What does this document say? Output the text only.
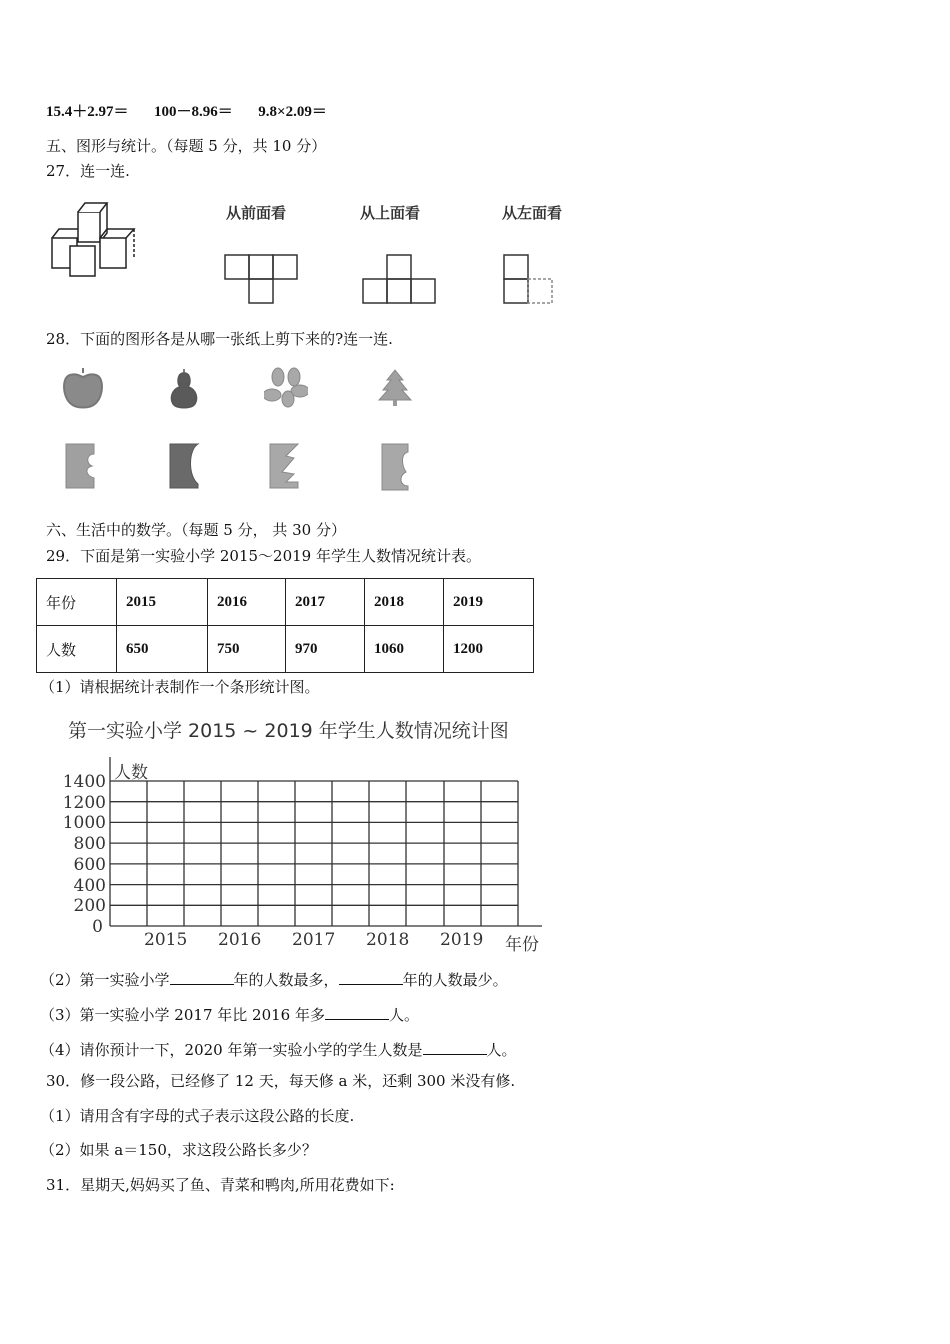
15.4＋2.97＝ 100－8.96＝ 9.8×2.09＝
五、图形与统计。（每题 5 分，共 10 分）
27．连一连.
从前面看	从上面看	从左面看
28．下面的图形各是从哪一张纸上剪下来的?连一连.
六、生活中的数学。（每题 5 分， 共 30 分）
29．下面是第一实验小学 2015～2019 年学生人数情况统计表。
年份	2015	2016	2017	2018	2019
人数	650	750	970	1060	1200
（1）请根据统计表制作一个条形统计图。
第一实验小学 2015 ~ 2019 年学生人数情况统计图
人数
1400
1200
1000
800
600
400
200
0
2015 2016 2017 2018 2019 年份
（2）第一实验小学	年的人数最多，	年的人数最少。
（3）第一实验小学 2017 年比 2016 年多	人。
（4）请你预计一下，2020 年第一实验小学的学生人数是	人。
30．修一段公路，已经修了 12 天，每天修 a 米，还剩 300 米没有修.
（1）请用含有字母的式子表示这段公路的长度.
（2）如果 a＝150，求这段公路长多少？
31．星期天,妈妈买了鱼、青菜和鸭肉,所用花费如下:
